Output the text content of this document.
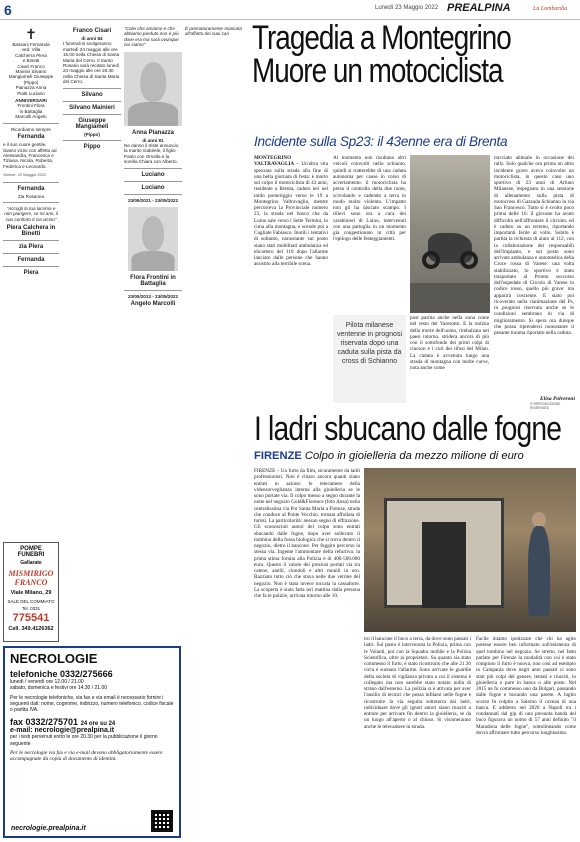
6	Lunedì 23 Maggio 2022 PREALPINA	La Lombardia
✝
Bassani Fernanda
ved. Villa
Calcherra Piera
e Binetti
Cisari Franco
Mainini Silvano
Mangiameli Giuseppe
(Pippo)
Pianazza Anna
Piatti Luciano
ANNIVERSARI
Frontini Flora
in Battaglia
Marcolli Angelo
Ricordiamo sempre
Fernanda

e il suo cuore gentile. Siamo vicini con affetto ad Alessandra, Francesca e Tiziana. Nicola, Roberta, Federica e Leonardo.

Varese, 22 Maggio 2022
Fernanda
Zia Rosanna

"Accogli la tua lacrima e non piangere, se mi ami, il suo conforto ti sia vicino"

Piera Calchera in Binetti
zia Piera
Fernanda
Piera
POMPE
FUNEBRI
Gallarate
MISMIRIGO FRANCO
Viale Milano, 29
SALE DEL COMMIATO
Tel. 0331
775541
Cell. 349.4126362
Franco Cisari
di anni 84

I funerali si svolgeranno martedì 24 maggio alle ore 15.00 nella Chiesa di Santa Maria del Cerro. Il Santo Rosario sarà recitato lunedì 23 maggio alle ore 20.30 nella Chiesa di Santa Maria del Cerro.

Silvano
Silvano Mainieri
Giuseppe Mangiameli
(Pippo)
Pippo

"Colei che amiamo e che abbiamo perduto non è più dove era ma sarà ovunque noi siamo"

Anna Pianazza
di anni 91

Ne danno il triste annuncio la marito Gabriele, il figlio Paolo con Ornella e la sorella Chiara con Alberto.

Luciano
Luciano
23/05/2021 - 23/05/2022
Flora Frontini in Battaglia
23/05/2013 - 23/05/2022
Angelo Marcolli

È prematuramente mancata all'affetto dei suoi cari

NECROLOGIE
telefoniche 0332/275666
lunedì / venerdì ore 12.00 / 21.00
sabato, domenica e festivi ore 14.30 / 21.00
Per le necrologie telefoniche, via fax e via email è necessario fornire i seguenti dati: nome, cognome, indirizzo, numero telefonico, codice fiscale o partita IVA.
fax 0332/275701 24 ore su 24
e-mail: necrologie@prealpina.it
per i testi pervenuti entro le ore 20.30 per la pubblicazione il giorno seguente
Per le necrologie via fax e via e-mail devono obbligatoriamente essere accompagnate da copia di documento di identità.
necrologie.prealpina.it
Tragedia a Montegrino Muore un motociclista
Incidente sulla Sp23: il 43enne era di Brenta
MONTEGRINO VALTRAVAGLIA – Un'altra vita spezzata sulla strada alla fine di una bella giornata di festa: è morto sul colpo il motociclista di 43 anni, residente a Brenta, caduto ieri nel tardo pomeriggio verso le 19 a Montegrino Valtravaglia, mentre percorreva la Provinciale numero 23, la strada nel bosco che da Luino sale verso i Sette Termini, in cima alla montagna, e scende poi a Cugliate Fabiasco. Inutili i tentativi di soltanto, nonostante sul posto siano stati mobilitati ambulanza ed elicottero del 118 dopo l'allarme lanciato dalle persone che hanno assistito alla terribile scena.
Al momento non risultano altri veicoli coinvolti nello schianto, quindi si tratterebbe di una caduta autonoma per cause in corso di accertamento: il motociclista ha perso il controllo della due ruote, scivolando e cadendo a terra in modo molto violento. L'impatto non gli ha lasciato scampo. I rilievi sono ora a cura dei carabinieri di Luino, intervenuti con una pattuglia in un momento già congestionato in città per l'epilogo delle festeggiamenti.
Pilota milanese ventenne in prognosi riservata dopo una caduta sulla pista da cross di Schianno
post partita anche nella zona come nel resto del Varesotto. E la notizia della morte dell'uomo, rimbalzata nei paesi intorno, striderà ancora di più con il sottofondo dei primi colpi di clacson e i cori dei tifosi del Milan. La caduta è avvenuta lungo una strada di montagna con molte curve, nota anche come
tracciato abituale in occasione dei rally. Solo qualche ora prima un altro incidente grave aveva coinvolto un motociclista, in questo caso uno sportivo di 23 anni di Arluno Milanese, impegnato in una sessione di allenamento sulla pista di motocross di Gazzada Schianno in via San Francesco. Tutto si è svolto poco prima delle 16: il giovane ha avuto difficoltà nell'affrontare il circuito, ed è caduto su un terreno, riportando importanti ferite al volto. Subito è partita la richiesta di aiuto al 112, con la collaborazione dei responsabili dell'impianto, e sul posto sono arrivate ambulanza e automedica della Croce rossa di Varese: una volta stabilizzato, lo sportivo è stato trasportato al Pronto soccorso dell'ospedale di Circolo di Varese in codice rosso, quello più grave: ma apparirà cosciente. E stato poi ricoverato nella rianimazione del Ps, in prognosi riservata anche se le condizioni sembrano in via di miglioramento. Si spera ora dunque che possa riprendersi nonostante il pesante trauma riportato nella caduta.
Elisa Polveroni
© RIPRODUZIONE RISERVATA
I ladri sbucano dalle fogne
FIRENZE Colpo in gioielleria da mezzo milione di euro
FIRENZE – Un furto da film, sicuramente da ladri professionisti. Non è chiaro ancora quanti siano entrati in azione: le telecamere della videosorveglianza interna alla gioielleria se le sono portate via. Il colpo messo a segno durante la notte nel negozio Gold&Fiorence (foto Ansa) nella centralissima via Por Santa Maria a Firenze, strada che conduce al Ponte Vecchio, tornata affollata di turisti. La particolarità: nessun segno di effrazione. Gli sconosciuti autori del colpo sono entrati sbucando dalle fogne, dopo aver sollevato il tombino della fossa biologica che si trova dentro il negozio, dietro il bancone. Per fuggire percorso la stessa via. Ingente l'ammontare della refurtiva: la prima stima fornita alla Polizia è di 400-500.000 euro. Questo il valore dei preziosi portati via tra catene, anelli, ciondoli e altri monili in oro. Razziato tutto ciò che stava nelle due vetrine del negozio. Non è stata invece toccata la cassaforte. La scoperta è stata fatta ieri mattina dalla persona che fa le pulizie, arrivata intorno alle 10.
tro il bancone il buco a terra, da dove sono passati i ladri. Sul posto è intervenuta la Polizia, prima con le Volanti, poi con la Squadra mobile e la Polizia Scientifica, oltre ai proprietari. Su quanto sia stato commesso il furto, è stato ricostruito che alle 21.30 circa è suonato l'allarme. Sono arrivate le guardie della società di vigilanza privata a cui il sistema è collegato ma non sarebbe stato notato nulla di strano dall'esterno. La polizia si è attivata per aver l'ausilio di tecnici che possa infilarsi nelle fogne e ricostruire la via seguita sottoterra dai ladri, individuare dove gli ignoti autori siano riusciti a entrare per arrivare fin dentro la gioielleria, se da un luogo all'aperto o al chiuso. Si visioneranno anche le telecamere in strada.
Facile intanto ipotizzare che chi ha agito potesse essere ben informato sull'esistenza di quel tombino nel negozio. Se stretto, nel fatto parlato per Firenze la modalità con cui è stato compiuto il furto è nuova, non così ad esempio in Campania dove negli anni passati ci sono stati più colpi del genere, tentati e riusciti, in gioielleria o pure in banca o alle poste. Nel 2015 ne fu commesso uno da Bulgari, passando dalle fogne e bucando una parete. A luglio scorso fu colpito a Salerno il caveau di una banca. E addietro nel 2020 a Napoli tra i condannati dal gip di una presunta banda del buco figurava un uomo di 57 anni definito "il Maradona delle fogne", sottolineando come dovrà affrontare tutto percorso lunghissimo.
